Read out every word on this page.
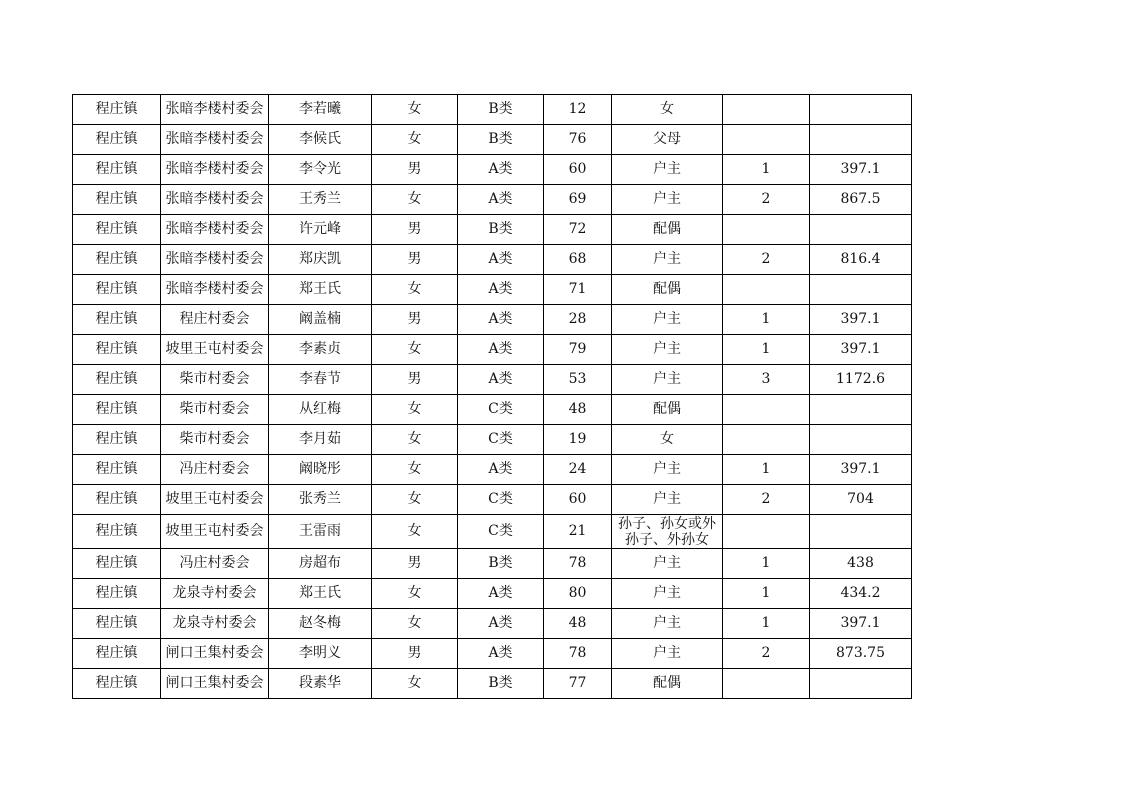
程庄镇	张暗李楼村委会	李若曦	女	B类	12	女		
程庄镇	张暗李楼村委会	李候氏	女	B类	76	父母		
程庄镇	张暗李楼村委会	李令光	男	A类	60	户主	1	397.1
程庄镇	张暗李楼村委会	王秀兰	女	A类	69	户主	2	867.5
程庄镇	张暗李楼村委会	许元峰	男	B类	72	配偶		
程庄镇	张暗李楼村委会	郑庆凯	男	A类	68	户主	2	816.4
程庄镇	张暗李楼村委会	郑王氏	女	A类	71	配偶		
程庄镇	程庄村委会	阚盖楠	男	A类	28	户主	1	397.1
程庄镇	坡里王屯村委会	李素贞	女	A类	79	户主	1	397.1
程庄镇	柴市村委会	李春节	男	A类	53	户主	3	1172.6
程庄镇	柴市村委会	从红梅	女	C类	48	配偶		
程庄镇	柴市村委会	李月茹	女	C类	19	女		
程庄镇	冯庄村委会	阚晓彤	女	A类	24	户主	1	397.1
程庄镇	坡里王屯村委会	张秀兰	女	C类	60	户主	2	704
程庄镇	坡里王屯村委会	王雷雨	女	C类	21	孙子、孙女或外孙子、外孙女		
程庄镇	冯庄村委会	房超布	男	B类	78	户主	1	438
程庄镇	龙泉寺村委会	郑王氏	女	A类	80	户主	1	434.2
程庄镇	龙泉寺村委会	赵冬梅	女	A类	48	户主	1	397.1
程庄镇	闸口王集村委会	李明义	男	A类	78	户主	2	873.75
程庄镇	闸口王集村委会	段素华	女	B类	77	配偶		
